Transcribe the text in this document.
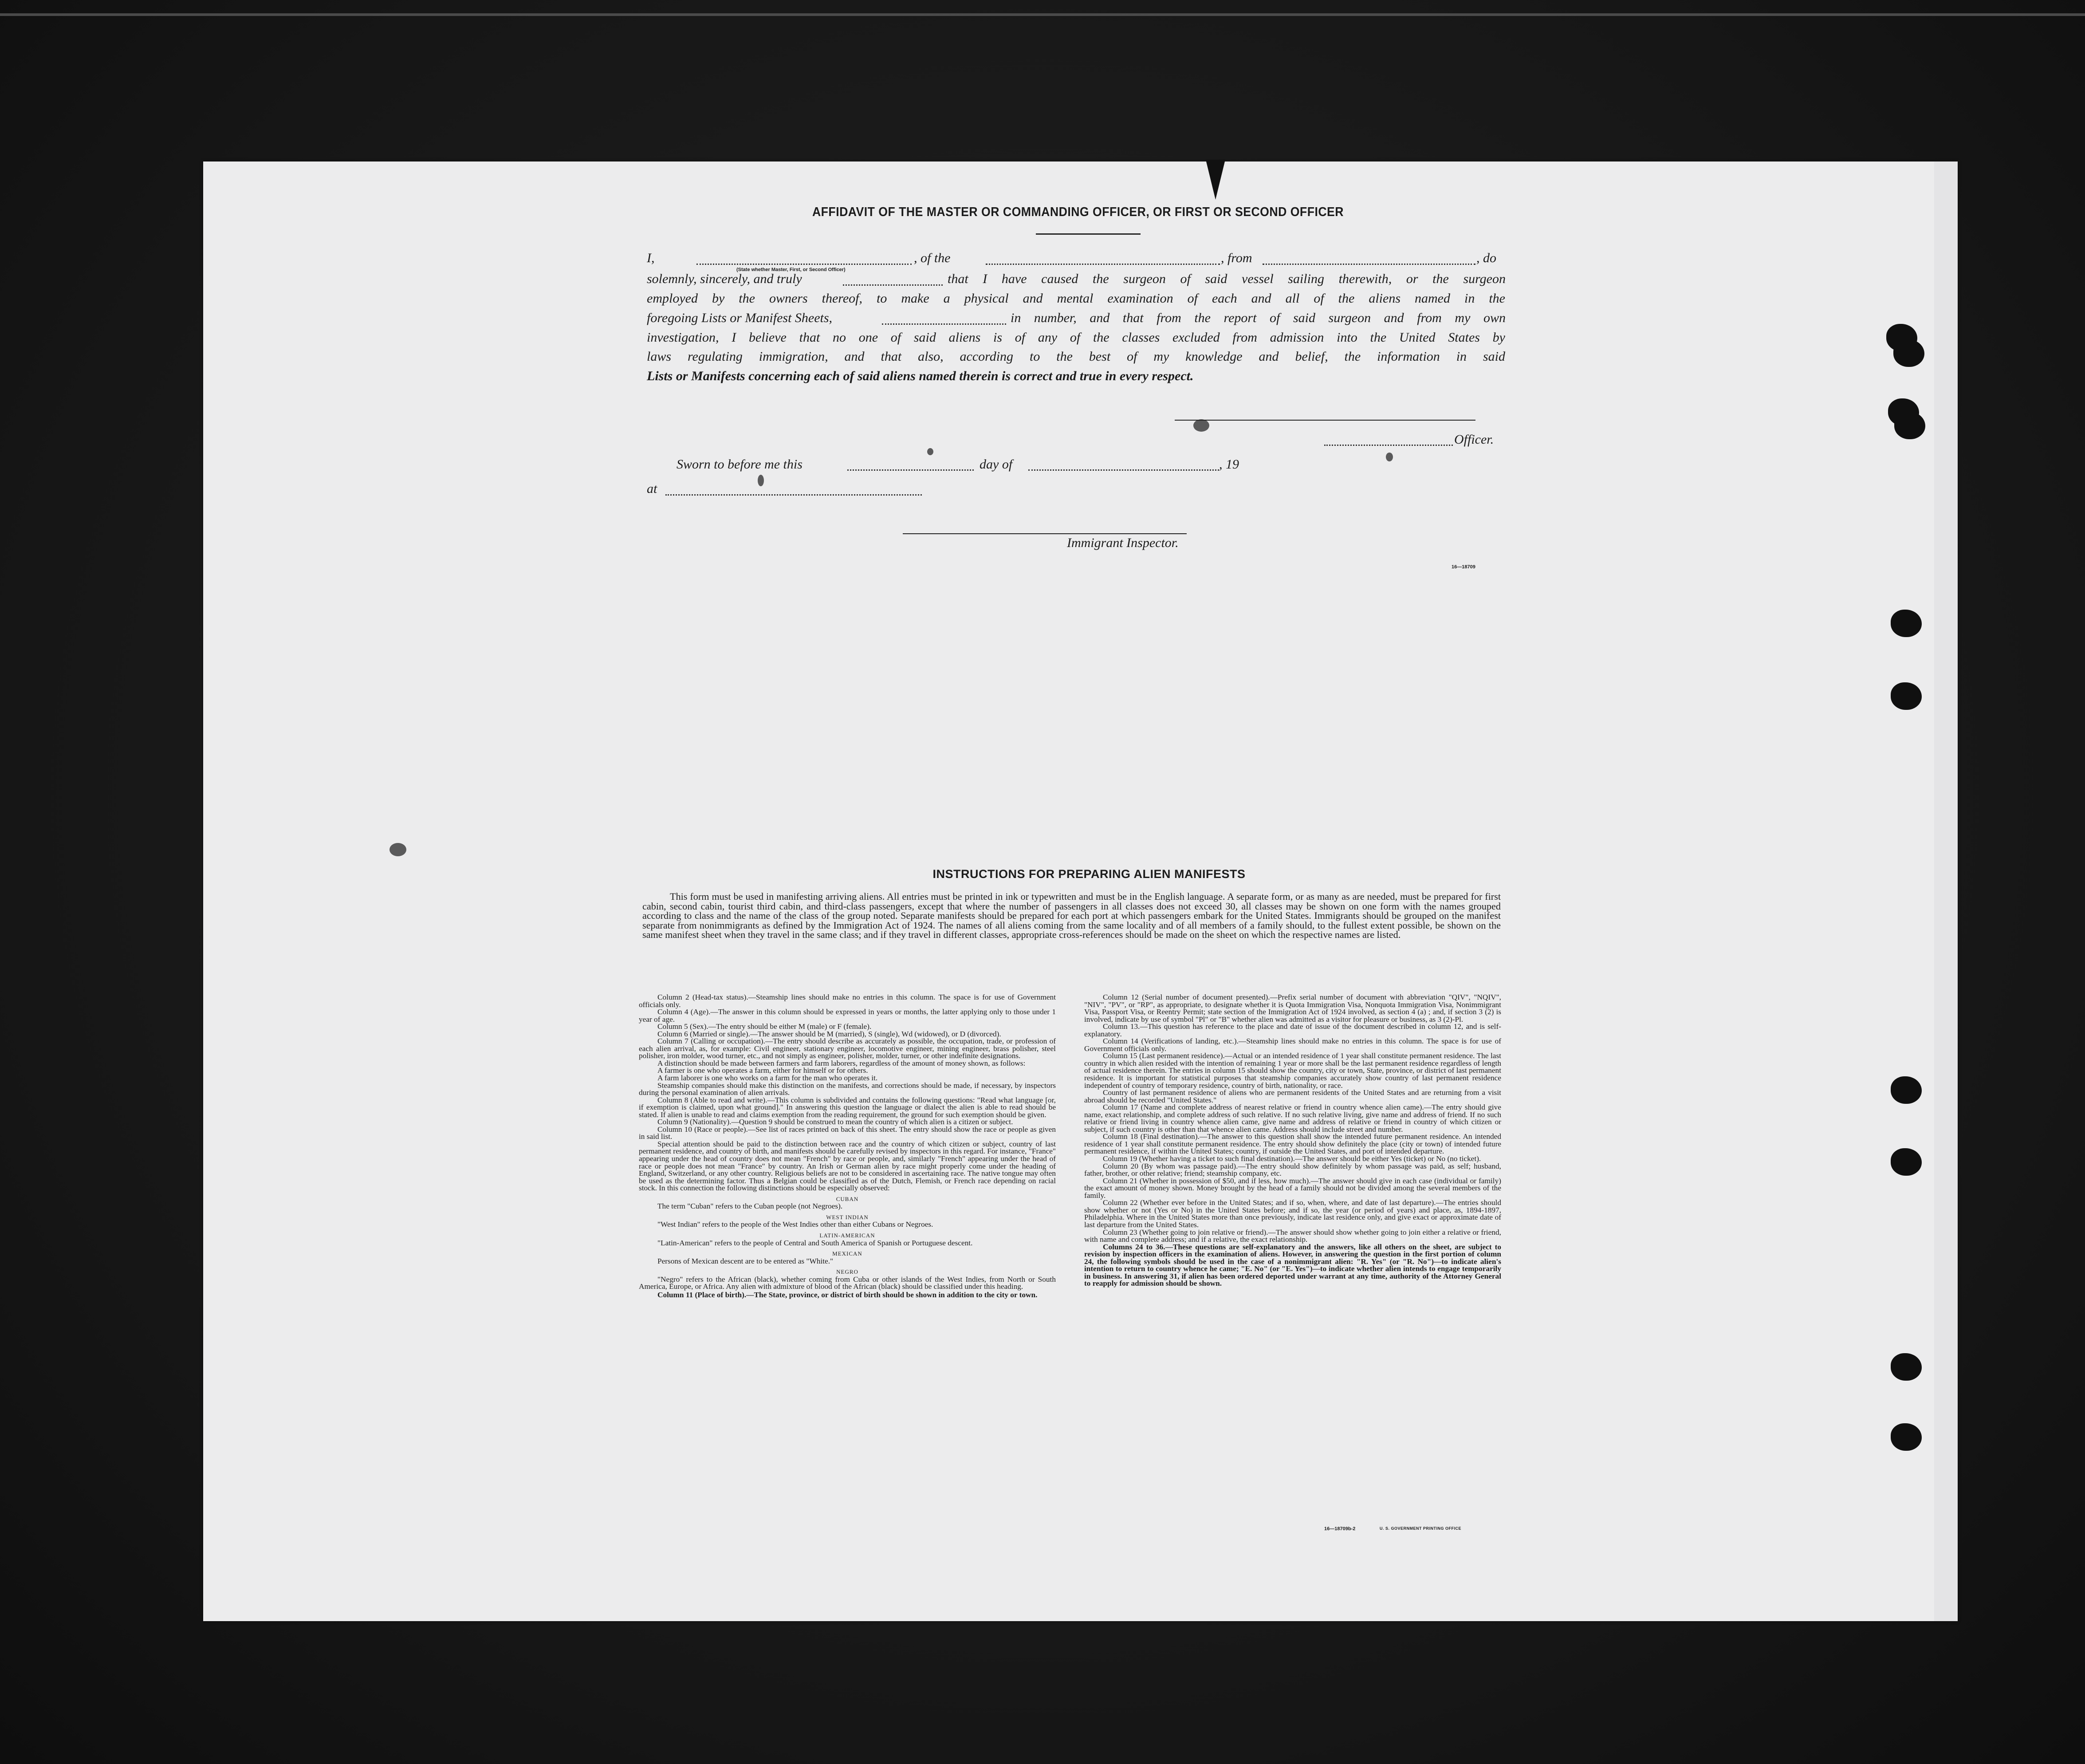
AFFIDAVIT OF THE MASTER OR COMMANDING OFFICER, OR FIRST OR SECOND OFFICER
I,	, of the	, from	, do
(State whether Master, First, or Second Officer)
solemnly, sincerely, and truly	that I have caused the surgeon of said vessel sailing therewith, or the surgeon
employed by the owners thereof, to make a physical and mental examination of each and all of the aliens named in the
foregoing Lists or Manifest Sheets,	in number, and that from the report of said surgeon and from my own
investigation, I believe that no one of said aliens is of any of the classes excluded from admission into the United States by
laws regulating immigration, and that also, according to the best of my knowledge and belief, the information in said
Lists or Manifests concerning each of said aliens named therein is correct and true in every respect.
Officer.
Sworn to before me this	day of	, 19
at
Immigrant Inspector.
16—18709
INSTRUCTIONS FOR PREPARING ALIEN MANIFESTS
This form must be used in manifesting arriving aliens. All entries must be printed in ink or typewritten and must be in the English language. A separate form, or as many as are needed, must be prepared for first cabin, second cabin, tourist third cabin, and third-class passengers, except that where the number of passengers in all classes does not exceed 30, all classes may be shown on one form with the names grouped according to class and the name of the class of the group noted. Separate manifests should be prepared for each port at which passengers embark for the United States. Immigrants should be grouped on the manifest separate from nonimmigrants as defined by the Immigration Act of 1924. The names of all aliens coming from the same locality and of all members of a family should, to the fullest extent possible, be shown on the same manifest sheet when they travel in the same class; and if they travel in different classes, appropriate cross-references should be made on the sheet on which the respective names are listed.

Column 2 (Head-tax status).—Steamship lines should make no entries in this column. The space is for use of Government officials only.

Column 4 (Age).—The answer in this column should be expressed in years or months, the latter applying only to those under 1 year of age.

Column 5 (Sex).—The entry should be either M (male) or F (female).

Column 6 (Married or single).—The answer should be M (married), S (single), Wd (widowed), or D (divorced).

Column 7 (Calling or occupation).—The entry should describe as accurately as possible, the occupation, trade, or profession of each alien arrival, as, for example: Civil engineer, stationary engineer, locomotive engineer, mining engineer, brass polisher, steel polisher, iron molder, wood turner, etc., and not simply as engineer, polisher, molder, turner, or other indefinite designations.

A distinction should be made between farmers and farm laborers, regardless of the amount of money shown, as follows:

A farmer is one who operates a farm, either for himself or for others.

A farm laborer is one who works on a farm for the man who operates it.

Steamship companies should make this distinction on the manifests, and corrections should be made, if necessary, by inspectors during the personal examination of alien arrivals.

Column 8 (Able to read and write).—This column is subdivided and contains the following questions: "Read what language [or, if exemption is claimed, upon what ground]." In answering this question the language or dialect the alien is able to read should be stated. If alien is unable to read and claims exemption from the reading requirement, the ground for such exemption should be given.

Column 9 (Nationality).—Question 9 should be construed to mean the country of which alien is a citizen or subject.

Column 10 (Race or people).—See list of races printed on back of this sheet. The entry should show the race or people as given in said list.

Special attention should be paid to the distinction between race and the country of which citizen or subject, country of last permanent residence, and country of birth, and manifests should be carefully revised by inspectors in this regard. For instance, "France" appearing under the head of country does not mean "French" by race or people, and, similarly "French" appearing under the head of race or people does not mean "France" by country. An Irish or German alien by race might properly come under the heading of England, Switzerland, or any other country. Religious beliefs are not to be considered in ascertaining race. The native tongue may often be used as the determining factor. Thus a Belgian could be classified as of the Dutch, Flemish, or French race depending on racial stock. In this connection the following distinctions should be especially observed:

CUBAN

The term "Cuban" refers to the Cuban people (not Negroes).

WEST INDIAN

"West Indian" refers to the people of the West Indies other than either Cubans or Negroes.

LATIN-AMERICAN

"Latin-American" refers to the people of Central and South America of Spanish or Portuguese descent.

MEXICAN

Persons of Mexican descent are to be entered as "White."

NEGRO

"Negro" refers to the African (black), whether coming from Cuba or other islands of the West Indies, from North or South America, Europe, or Africa. Any alien with admixture of blood of the African (black) should be classified under this heading.

Column 11 (Place of birth).—The State, province, or district of birth should be shown in addition to the city or town.

Column 12 (Serial number of document presented).—Prefix serial number of document with abbreviation "QIV", "NQIV", "NIV", "PV", or "RP", as appropriate, to designate whether it is Quota Immigration Visa, Nonquota Immigration Visa, Nonimmigrant Visa, Passport Visa, or Reentry Permit; state section of the Immigration Act of 1924 involved, as section 4 (a) ; and, if section 3 (2) is involved, indicate by use of symbol "Pl" or "B" whether alien was admitted as a visitor for pleasure or business, as 3 (2)-Pl.

Column 13.—This question has reference to the place and date of issue of the document described in column 12, and is self-explanatory.

Column 14 (Verifications of landing, etc.).—Steamship lines should make no entries in this column. The space is for use of Government officials only.

Column 15 (Last permanent residence).—Actual or an intended residence of 1 year shall constitute permanent residence. The last country in which alien resided with the intention of remaining 1 year or more shall be the last permanent residence regardless of length of actual residence therein. The entries in column 15 should show the country, city or town, State, province, or district of last permanent residence. It is important for statistical purposes that steamship companies accurately show country of last permanent residence independent of country of temporary residence, country of birth, nationality, or race.

Country of last permanent residence of aliens who are permanent residents of the United States and are returning from a visit abroad should be recorded "United States."

Column 17 (Name and complete address of nearest relative or friend in country whence alien came).—The entry should give name, exact relationship, and complete address of such relative. If no such relative living, give name and address of friend. If no such relative or friend living in country whence alien came, give name and address of relative or friend in country of which citizen or subject, if such country is other than that whence alien came. Address should include street and number.

Column 18 (Final destination).—The answer to this question shall show the intended future permanent residence. An intended residence of 1 year shall constitute permanent residence. The entry should show definitely the place (city or town) of intended future permanent residence, if within the United States; country, if outside the United States, and port of intended departure.

Column 19 (Whether having a ticket to such final destination).—The answer should be either Yes (ticket) or No (no ticket).

Column 20 (By whom was passage paid).—The entry should show definitely by whom passage was paid, as self; husband, father, brother, or other relative; friend; steamship company, etc.

Column 21 (Whether in possession of $50, and if less, how much).—The answer should give in each case (individual or family) the exact amount of money shown. Money brought by the head of a family should not be divided among the several members of the family.

Column 22 (Whether ever before in the United States; and if so, when, where, and date of last departure).—The entries should show whether or not (Yes or No) in the United States before; and if so, the year (or period of years) and place, as, 1894-1897, Philadelphia. Where in the United States more than once previously, indicate last residence only, and give exact or approximate date of last departure from the United States.

Column 23 (Whether going to join relative or friend).—The answer should show whether going to join either a relative or friend, with name and complete address; and if a relative, the exact relationship.

Columns 24 to 36.—These questions are self-explanatory and the answers, like all others on the sheet, are subject to revision by inspection officers in the examination of aliens. However, in answering the question in the first portion of column 24, the following symbols should be used in the case of a nonimmigrant alien: "R. Yes" (or "R. No")—to indicate alien's intention to return to country whence he came; "E. No" (or "E. Yes")—to indicate whether alien intends to engage temporarily in business. In answering 31, if alien has been ordered deported under warrant at any time, authority of the Attorney General to reapply for admission should be shown.

16—18709b-2	U. S. GOVERNMENT PRINTING OFFICE
